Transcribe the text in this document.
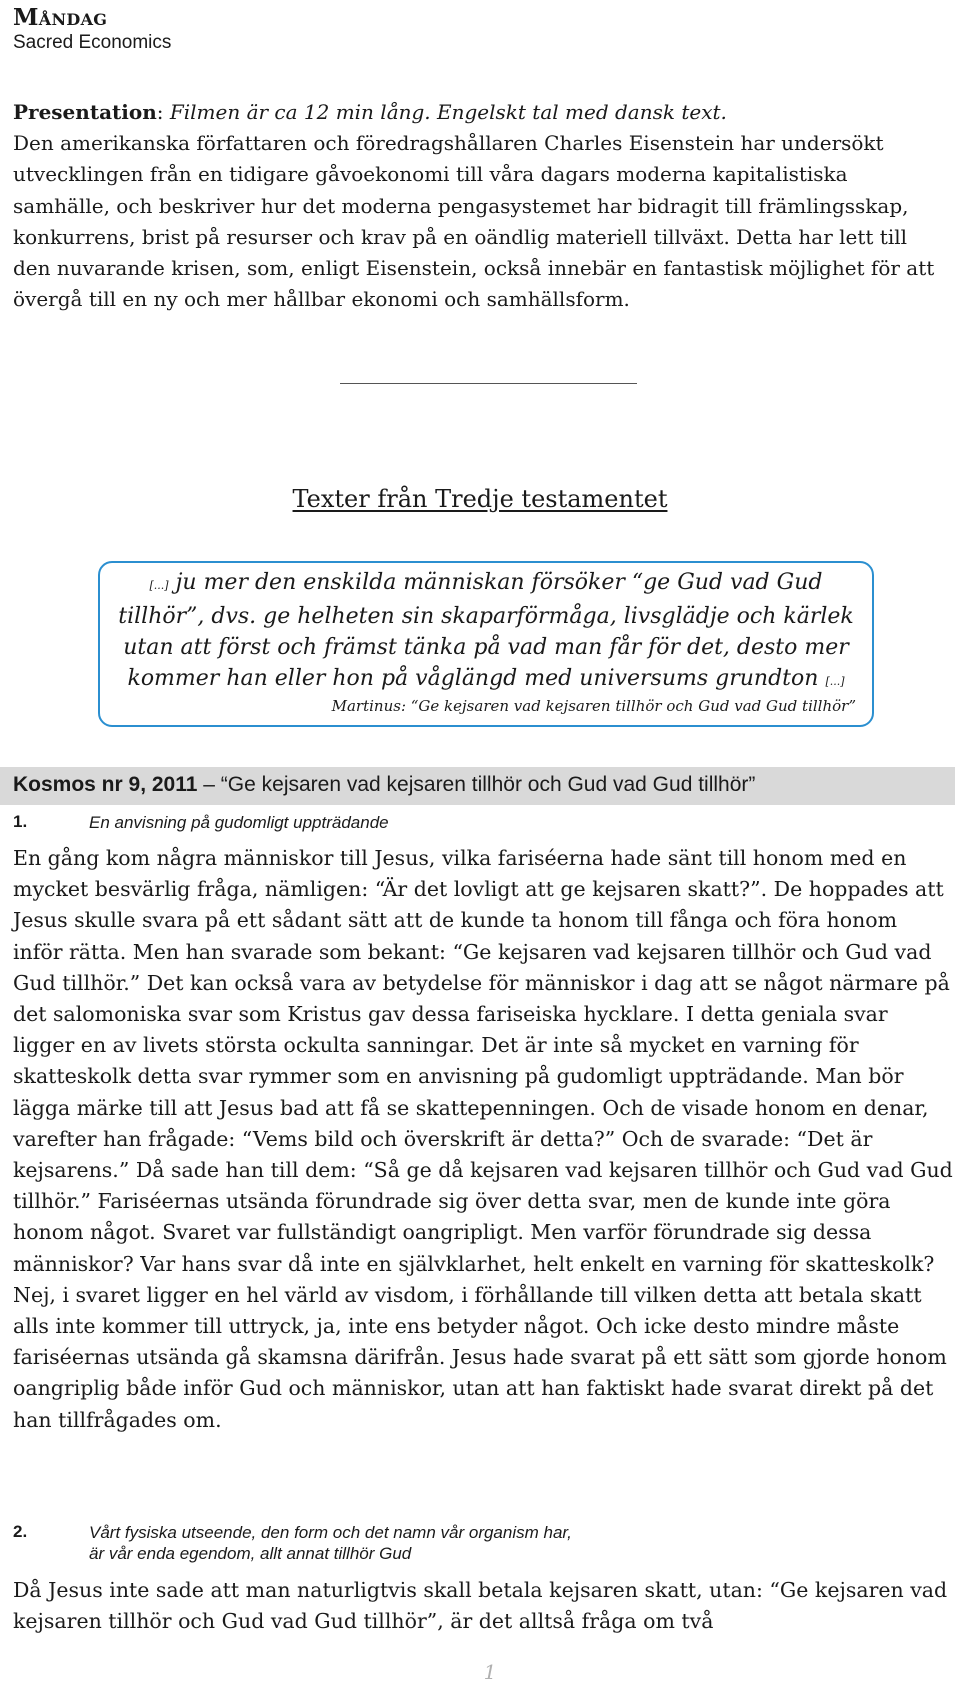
MÅNDAG
Sacred Economics
Presentation: Filmen är ca 12 min lång. Engelskt tal med dansk text.
Den amerikanska författaren och föredragshållaren Charles Eisenstein har undersökt utvecklingen från en tidigare gåvoekonomi till våra dagars moderna kapitalistiska samhälle, och beskriver hur det moderna pengasystemet har bidragit till främlingsskap, konkurrens, brist på resurser och krav på en oändlig materiell tillväxt. Detta har lett till den nuvarande krisen, som, enligt Eisenstein, också innebär en fantastisk möjlighet för att övergå till en ny och mer hållbar ekonomi och samhällsform.
Texter från Tredje testamentet
[...] ju mer den enskilda människan försöker “ge Gud vad Gud tillhör”, dvs. ge helheten sin skaparförmåga, livsglädje och kärlek utan att först och främst tänka på vad man får för det, desto mer kommer han eller hon på våglängd med universums grundton [...]
Martinus: “Ge kejsaren vad kejsaren tillhör och Gud vad Gud tillhör”
Kosmos nr 9, 2011 – “Ge kejsaren vad kejsaren tillhör och Gud vad Gud tillhör”
1.	En anvisning på gudomligt uppträdande
En gång kom några människor till Jesus, vilka fariséerna hade sänt till honom med en mycket besvärlig fråga, nämligen: “Är det lovligt att ge kejsaren skatt?”. De hoppades att Jesus skulle svara på ett sådant sätt att de kunde ta honom till fånga och föra honom inför rätta. Men han svarade som bekant: “Ge kejsaren vad kejsaren tillhör och Gud vad Gud tillhör.” Det kan också vara av betydelse för människor i dag att se något närmare på det salomoniska svar som Kristus gav dessa fariseiska hycklare. I detta geniala svar ligger en av livets största ockulta sanningar. Det är inte så mycket en varning för skatteskolk detta svar rymmer som en anvisning på gudomligt uppträdande. Man bör lägga märke till att Jesus bad att få se skattepenningen. Och de visade honom en denar, varefter han frågade: “Vems bild och överskrift är detta?” Och de svarade: “Det är kejsarens.” Då sade han till dem: “Så ge då kejsaren vad kejsaren tillhör och Gud vad Gud tillhör.” Fariséernas utsända förundrade sig över detta svar, men de kunde inte göra honom något. Svaret var fullständigt oangripligt. Men varför förundrade sig dessa människor? Var hans svar då inte en självklarhet, helt enkelt en varning för skatteskolk? Nej, i svaret ligger en hel värld av visdom, i förhållande till vilken detta att betala skatt alls inte kommer till uttryck, ja, inte ens betyder något. Och icke desto mindre måste fariséernas utsända gå skamsna därifrån. Jesus hade svarat på ett sätt som gjorde honom oangriplig både inför Gud och människor, utan att han faktiskt hade svarat direkt på det han tillfrågades om.
2.	Vårt fysiska utseende, den form och det namn vår organism har,
är vår enda egendom, allt annat tillhör Gud
Då Jesus inte sade att man naturligtvis skall betala kejsaren skatt, utan: “Ge kejsaren vad kejsaren tillhör och Gud vad Gud tillhör”, är det alltså fråga om två
1
